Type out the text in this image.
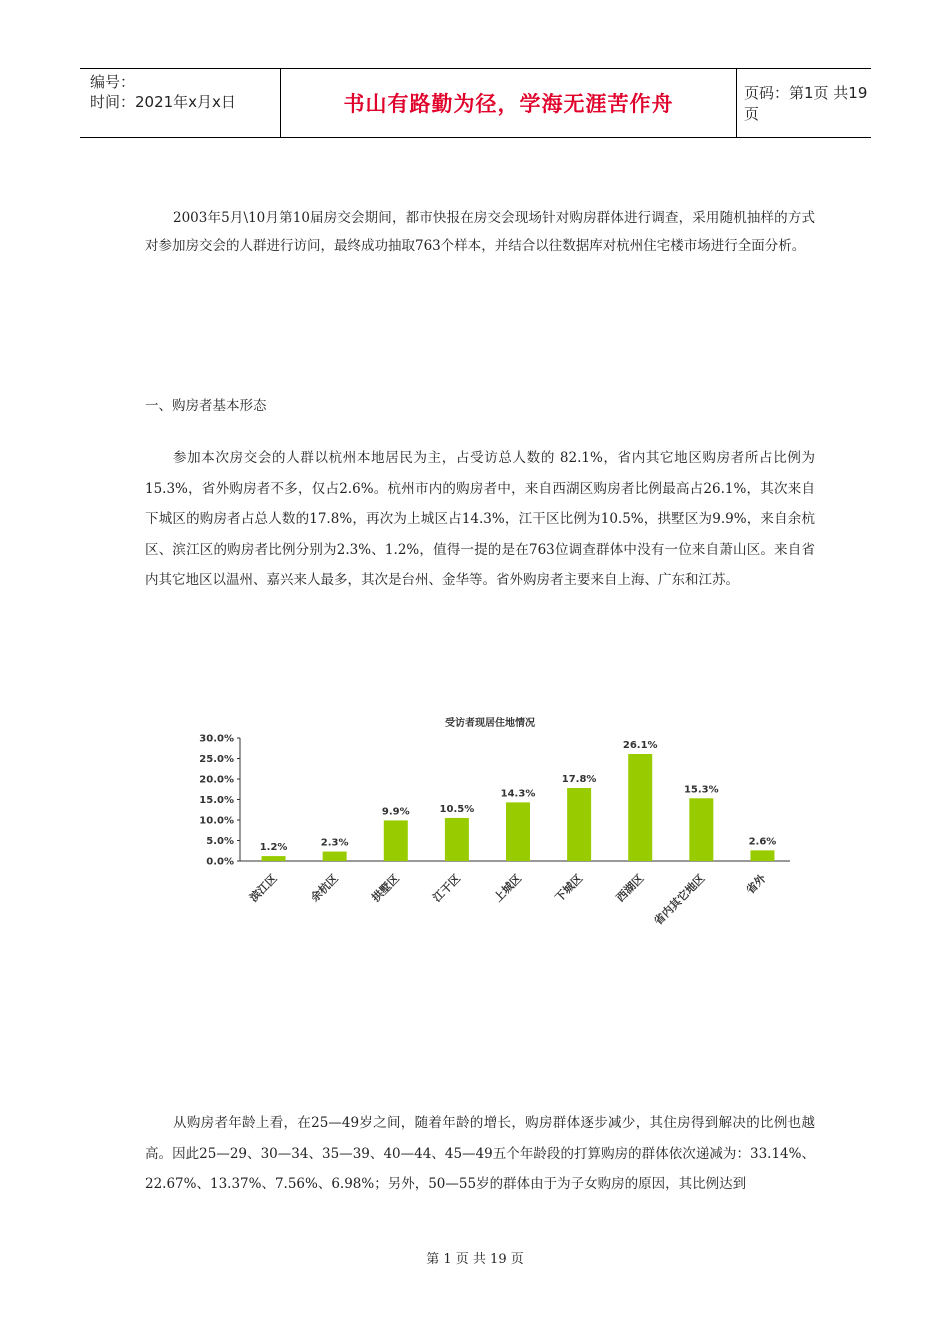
编号：
时间：2021年x月x日	书山有路勤为径，学海无涯苦作舟	页码：第1页 共19页

2003年5月\10月第10届房交会期间，都市快报在房交会现场针对购房群体进行调查，采用随机抽样的方式对参加房交会的人群进行访问，最终成功抽取763个样本，并结合以往数据库对杭州住宅楼市场进行全面分析。

一、购房者基本形态

参加本次房交会的人群以杭州本地居民为主，占受访总人数的 82.1%，省内其它地区购房者所占比例为15.3%，省外购房者不多，仅占2.6%。杭州市内的购房者中，来自西湖区购房者比例最高占26.1%，其次来自下城区的购房者占总人数的17.8%，再次为上城区占14.3%，江干区比例为10.5%，拱墅区为9.9%，来自余杭区、滨江区的购房者比例分别为2.3%、1.2%，值得一提的是在763位调查群体中没有一位来自萧山区。来自省内其它地区以温州、嘉兴来人最多，其次是台州、金华等。省外购房者主要来自上海、广东和江苏。

受访者现居住地情况
30.0%
25.0%
20.0%
15.0%
10.0%
5.0%
0.0%
1.2%	2.3%
9.9%	10.5%
14.3%
17.8%
26.1%
15.3%
2.6%
滨江区	余杭区	拱墅区	江干区	上城区	下城区	西湖区 省内其它地区	省外

从购房者年龄上看，在25—49岁之间，随着年龄的增长，购房群体逐步减少，其住房得到解决的比例也越高。因此25—29、30—34、35—39、40—44、45—49五个年龄段的打算购房的群体依次递减为：33.14%、22.67%、13.37%、7.56%、6.98%；另外，50—55岁的群体由于为子女购房的原因，其比例达到

第 1 页 共 19 页
